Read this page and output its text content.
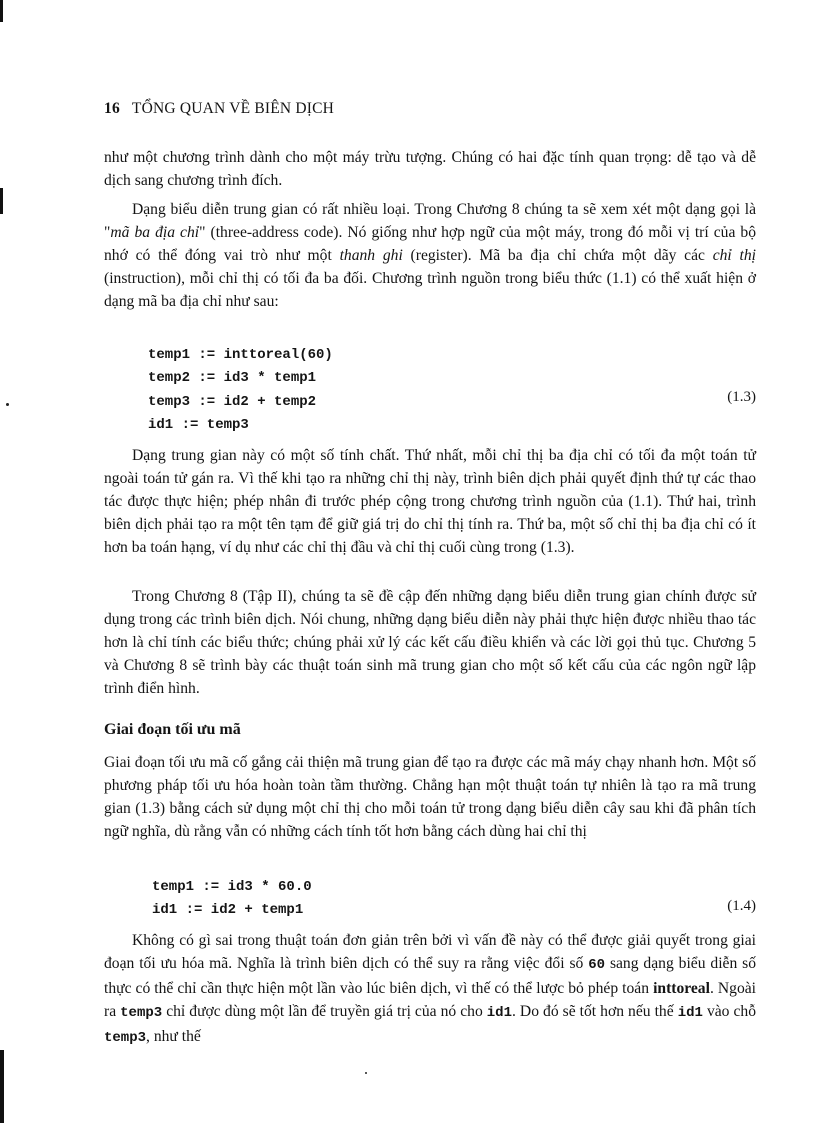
16 TỔNG QUAN VỀ BIÊN DỊCH
như một chương trình dành cho một máy trừu tượng. Chúng có hai đặc tính quan trọng: dễ tạo và dễ dịch sang chương trình đích.
Dạng biểu diễn trung gian có rất nhiều loại. Trong Chương 8 chúng ta sẽ xem xét một dạng gọi là "mã ba địa chỉ" (three-address code). Nó giống như hợp ngữ của một máy, trong đó mỗi vị trí của bộ nhớ có thể đóng vai trò như một thanh ghi (register). Mã ba địa chỉ chứa một dãy các chỉ thị (instruction), mỗi chỉ thị có tối đa ba đối. Chương trình nguồn trong biểu thức (1.1) có thể xuất hiện ở dạng mã ba địa chỉ như sau:
temp1 := inttoreal(60)
temp2 := id3 * temp1
temp3 := id2 + temp2
id1 := temp3
(1.3)
Dạng trung gian này có một số tính chất. Thứ nhất, mỗi chỉ thị ba địa chỉ có tối đa một toán tử ngoài toán tử gán ra. Vì thế khi tạo ra những chỉ thị này, trình biên dịch phải quyết định thứ tự các thao tác được thực hiện; phép nhân đi trước phép cộng trong chương trình nguồn của (1.1). Thứ hai, trình biên dịch phải tạo ra một tên tạm để giữ giá trị do chỉ thị tính ra. Thứ ba, một số chỉ thị ba địa chỉ có ít hơn ba toán hạng, ví dụ như các chỉ thị đầu và chỉ thị cuối cùng trong (1.3).
Trong Chương 8 (Tập II), chúng ta sẽ đề cập đến những dạng biểu diễn trung gian chính được sử dụng trong các trình biên dịch. Nói chung, những dạng biểu diễn này phải thực hiện được nhiều thao tác hơn là chỉ tính các biểu thức; chúng phải xử lý các kết cấu điều khiển và các lời gọi thủ tục. Chương 5 và Chương 8 sẽ trình bày các thuật toán sinh mã trung gian cho một số kết cấu của các ngôn ngữ lập trình điển hình.
Giai đoạn tối ưu mã
Giai đoạn tối ưu mã cố gắng cải thiện mã trung gian để tạo ra được các mã máy chạy nhanh hơn. Một số phương pháp tối ưu hóa hoàn toàn tầm thường. Chẳng hạn một thuật toán tự nhiên là tạo ra mã trung gian (1.3) bằng cách sử dụng một chỉ thị cho mỗi toán tử trong dạng biểu diễn cây sau khi đã phân tích ngữ nghĩa, dù rằng vẫn có những cách tính tốt hơn bằng cách dùng hai chỉ thị
temp1 := id3 * 60.0
id1 := id2 + temp1	(1.4)
Không có gì sai trong thuật toán đơn giản trên bởi vì vấn đề này có thể được giải quyết trong giai đoạn tối ưu hóa mã. Nghĩa là trình biên dịch có thể suy ra rằng việc đổi số 60 sang dạng biểu diễn số thực có thể chỉ cần thực hiện một lần vào lúc biên dịch, vì thế có thể lược bỏ phép toán inttoreal. Ngoài ra temp3 chỉ được dùng một lần để truyền giá trị của nó cho id1. Do đó sẽ tốt hơn nếu thế id1 vào chỗ temp3, như thế
